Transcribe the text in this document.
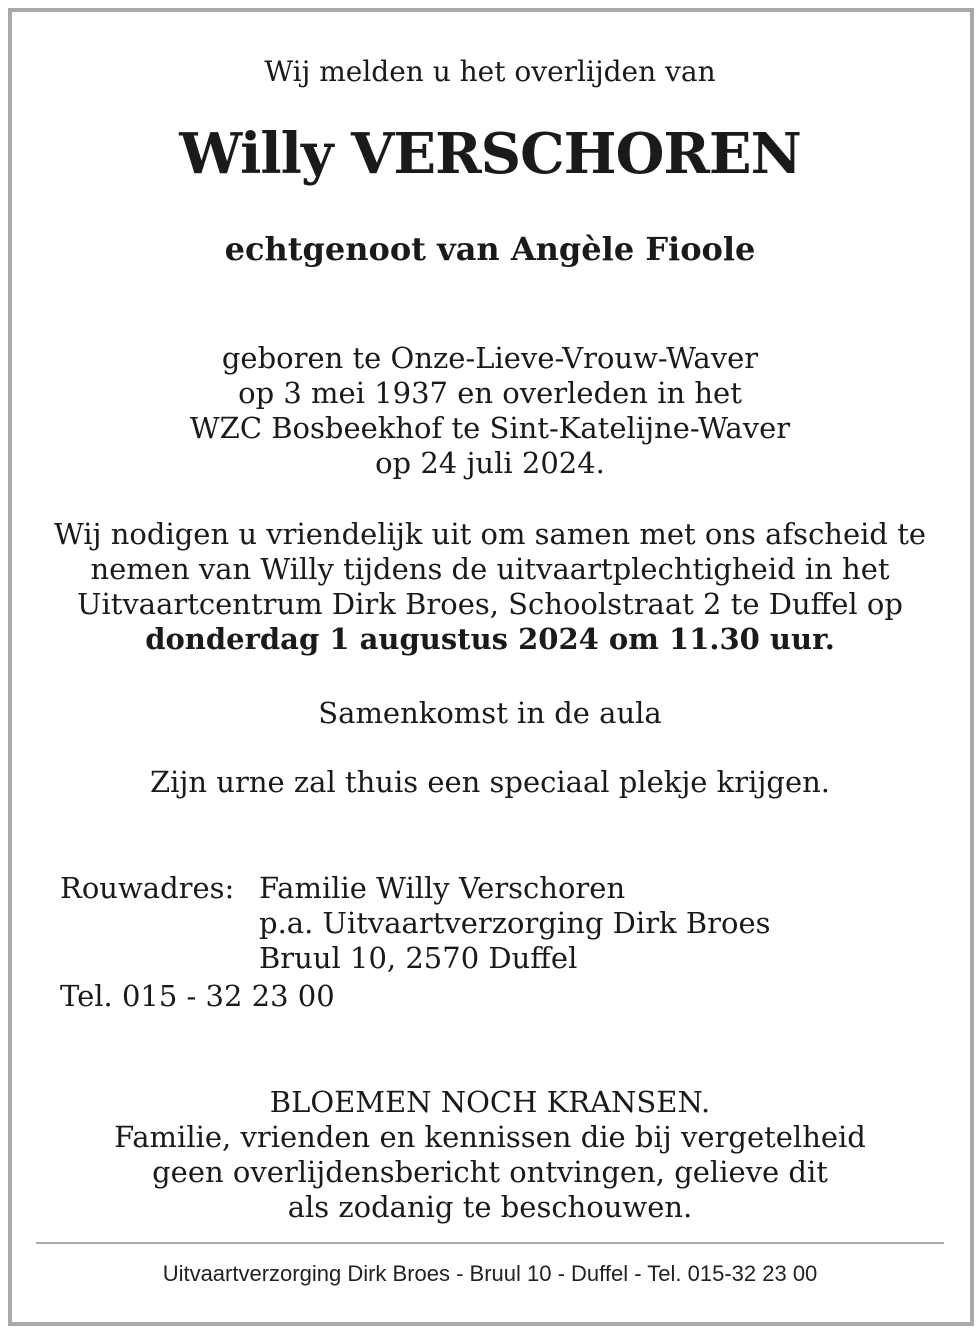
Wij melden u het overlijden van
Willy VERSCHOREN
echtgenoot van Angèle Fioole
geboren te Onze-Lieve-Vrouw-Waver
op 3 mei 1937 en overleden in het
WZC Bosbeekhof te Sint-Katelijne-Waver
op 24 juli 2024.
Wij nodigen u vriendelijk uit om samen met ons afscheid te
nemen van Willy tijdens de uitvaartplechtigheid in het
Uitvaartcentrum Dirk Broes, Schoolstraat 2 te Duffel op
donderdag 1 augustus 2024 om 11.30 uur.
Samenkomst in de aula
Zijn urne zal thuis een speciaal plekje krijgen.
Rouwadres: Familie Willy Verschoren
p.a. Uitvaartverzorging Dirk Broes
Bruul 10, 2570 Duffel
Tel. 015 - 32 23 00
BLOEMEN NOCH KRANSEN.
Familie, vrienden en kennissen die bij vergetelheid
geen overlijdensbericht ontvingen, gelieve dit
als zodanig te beschouwen.
Uitvaartverzorging Dirk Broes - Bruul 10 - Duffel - Tel. 015-32 23 00
